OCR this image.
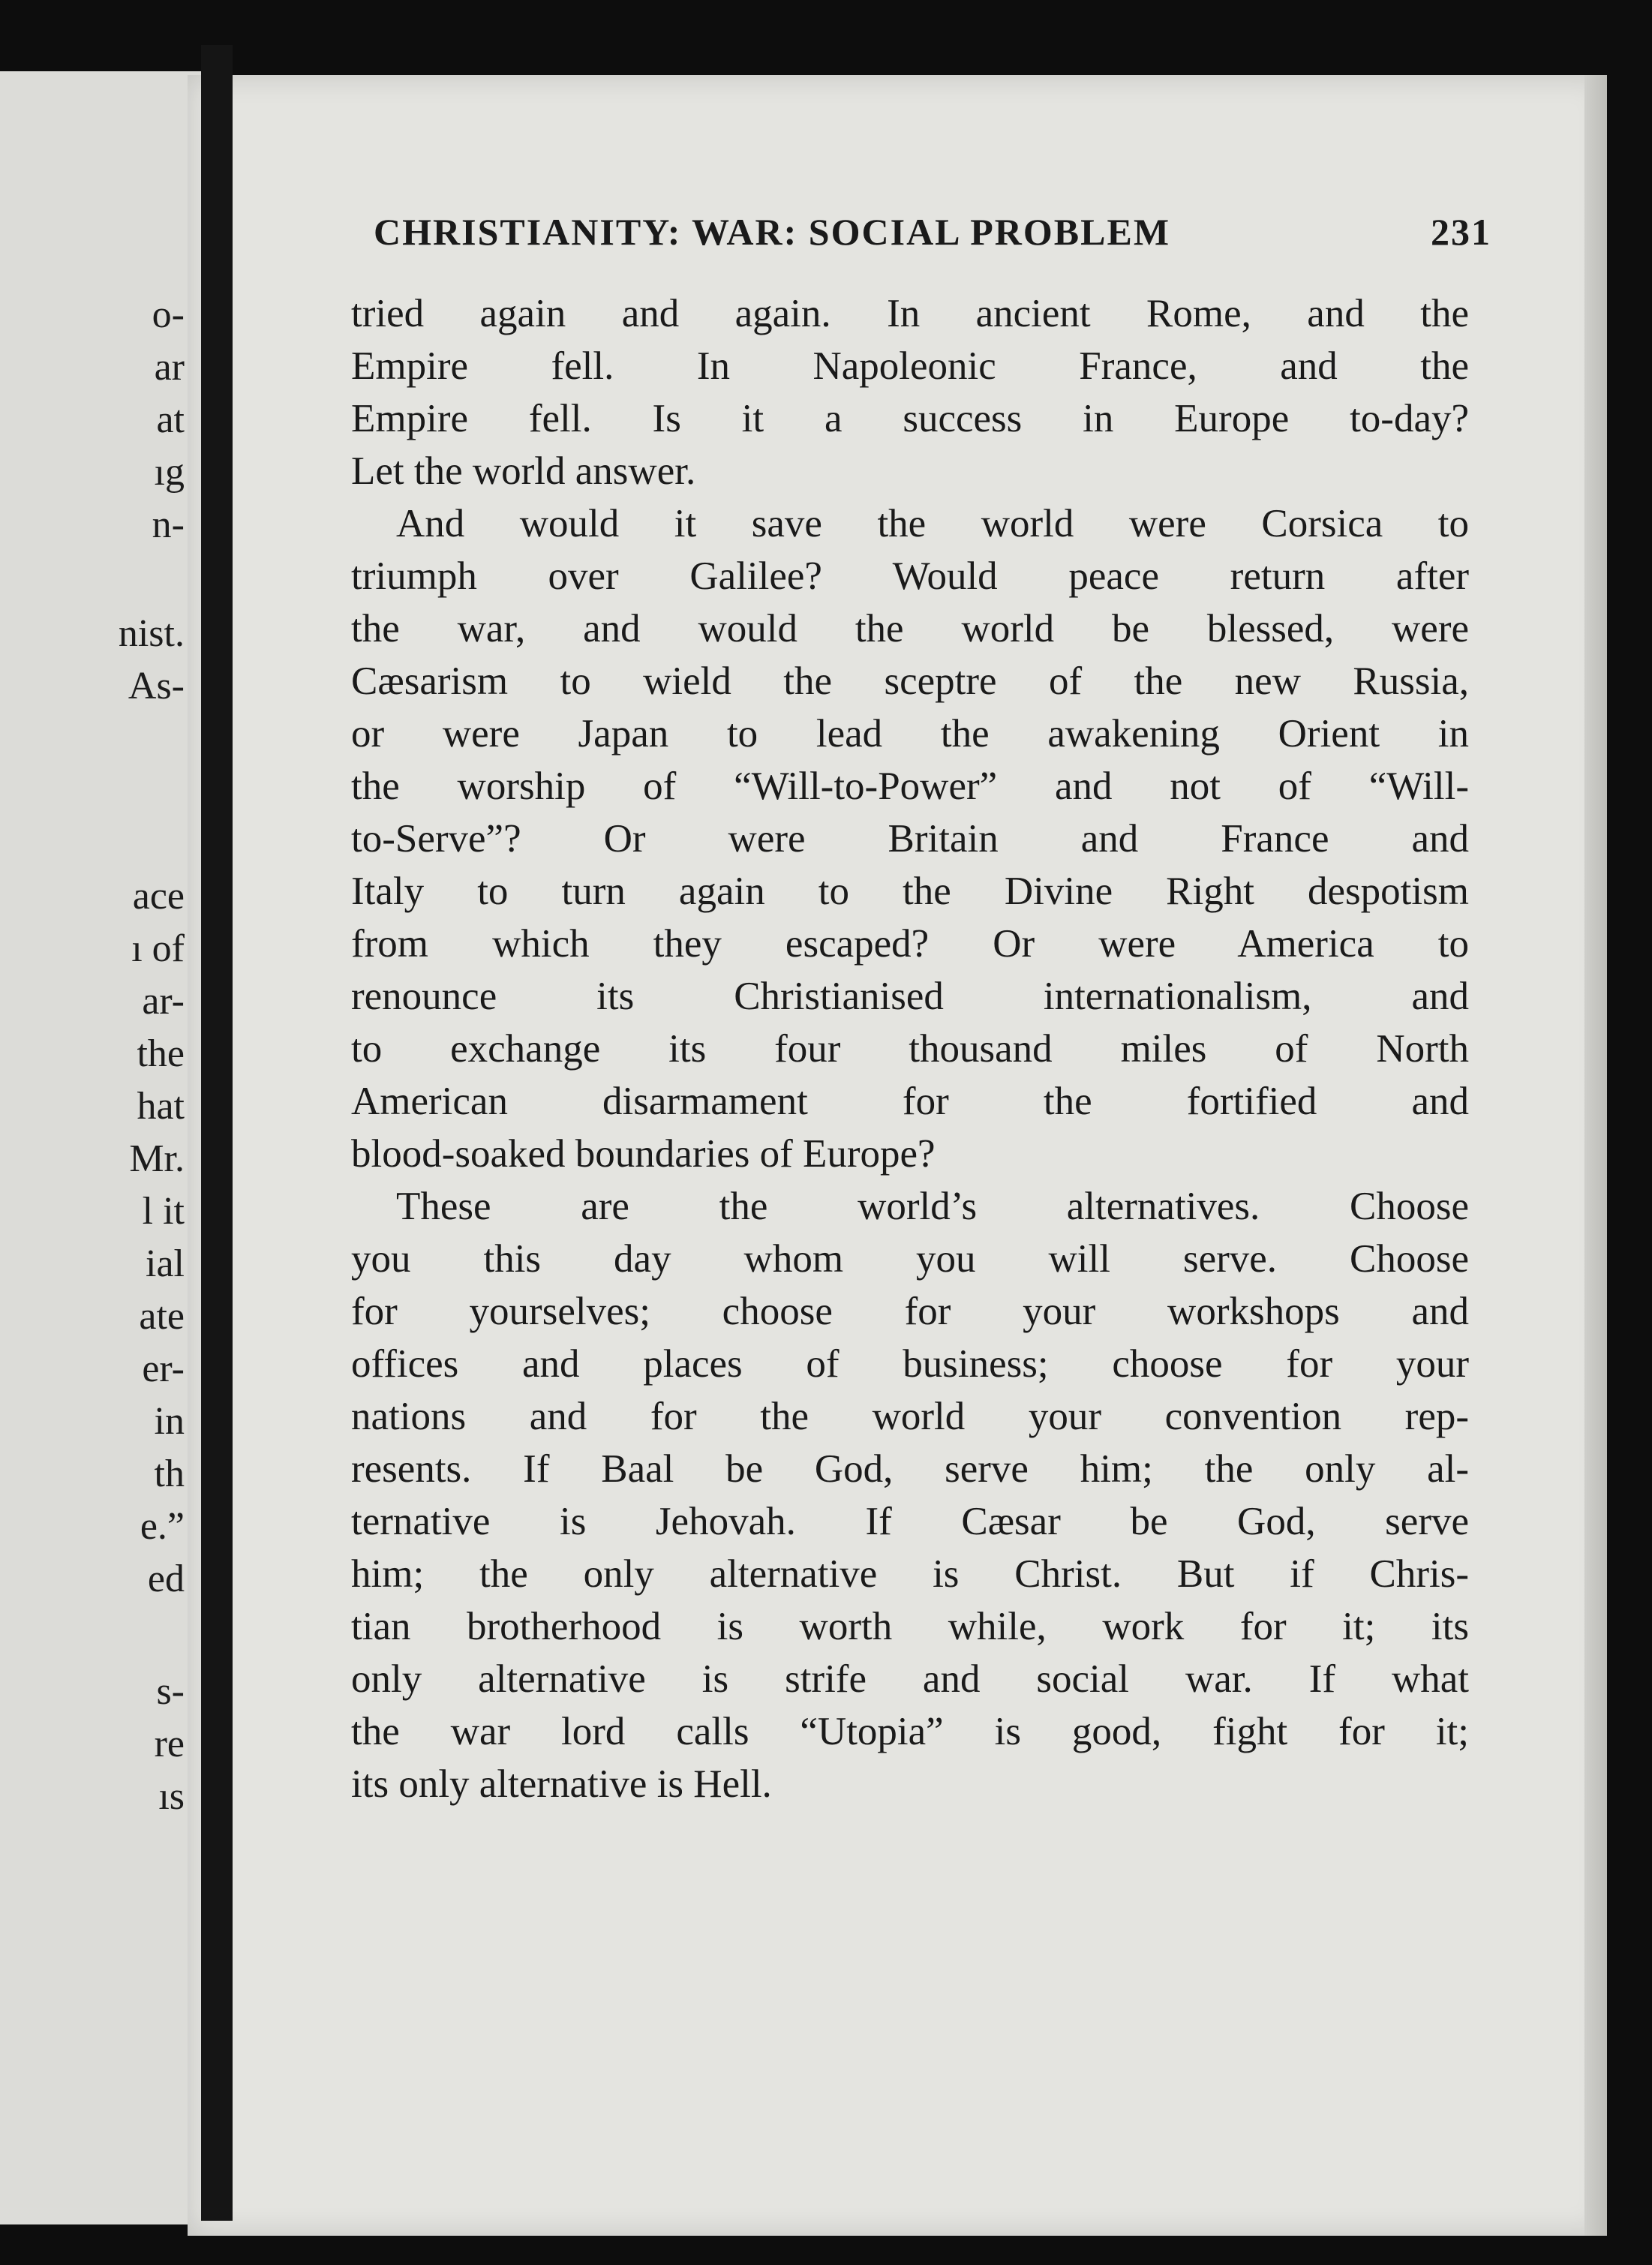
o-
ar
at
ıg
n-
nist.
As-
ace
ı of
ar-
the
hat
Mr.
l it
ial
ate
er-
in
th
e.”
ed
s-
re
ıs
CHRISTIANITY: WAR: SOCIAL PROBLEM	231
tried again and again. In ancient Rome, and the
Empire fell. In Napoleonic France, and the
Empire fell. Is it a success in Europe to-day?
Let the world answer.
And would it save the world were Corsica to
triumph over Galilee? Would peace return after
the war, and would the world be blessed, were
Cæsarism to wield the sceptre of the new Russia,
or were Japan to lead the awakening Orient in
the worship of “Will-to-Power” and not of “Will-
to-Serve”? Or were Britain and France and
Italy to turn again to the Divine Right despotism
from which they escaped? Or were America to
renounce its Christianised internationalism, and
to exchange its four thousand miles of North
American disarmament for the fortified and
blood-soaked boundaries of Europe?
These are the world’s alternatives. Choose
you this day whom you will serve. Choose
for yourselves; choose for your workshops and
offices and places of business; choose for your
nations and for the world your convention rep-
resents. If Baal be God, serve him; the only al-
ternative is Jehovah. If Cæsar be God, serve
him; the only alternative is Christ. But if Chris-
tian brotherhood is worth while, work for it; its
only alternative is strife and social war. If what
the war lord calls “Utopia” is good, fight for it;
its only alternative is Hell.
